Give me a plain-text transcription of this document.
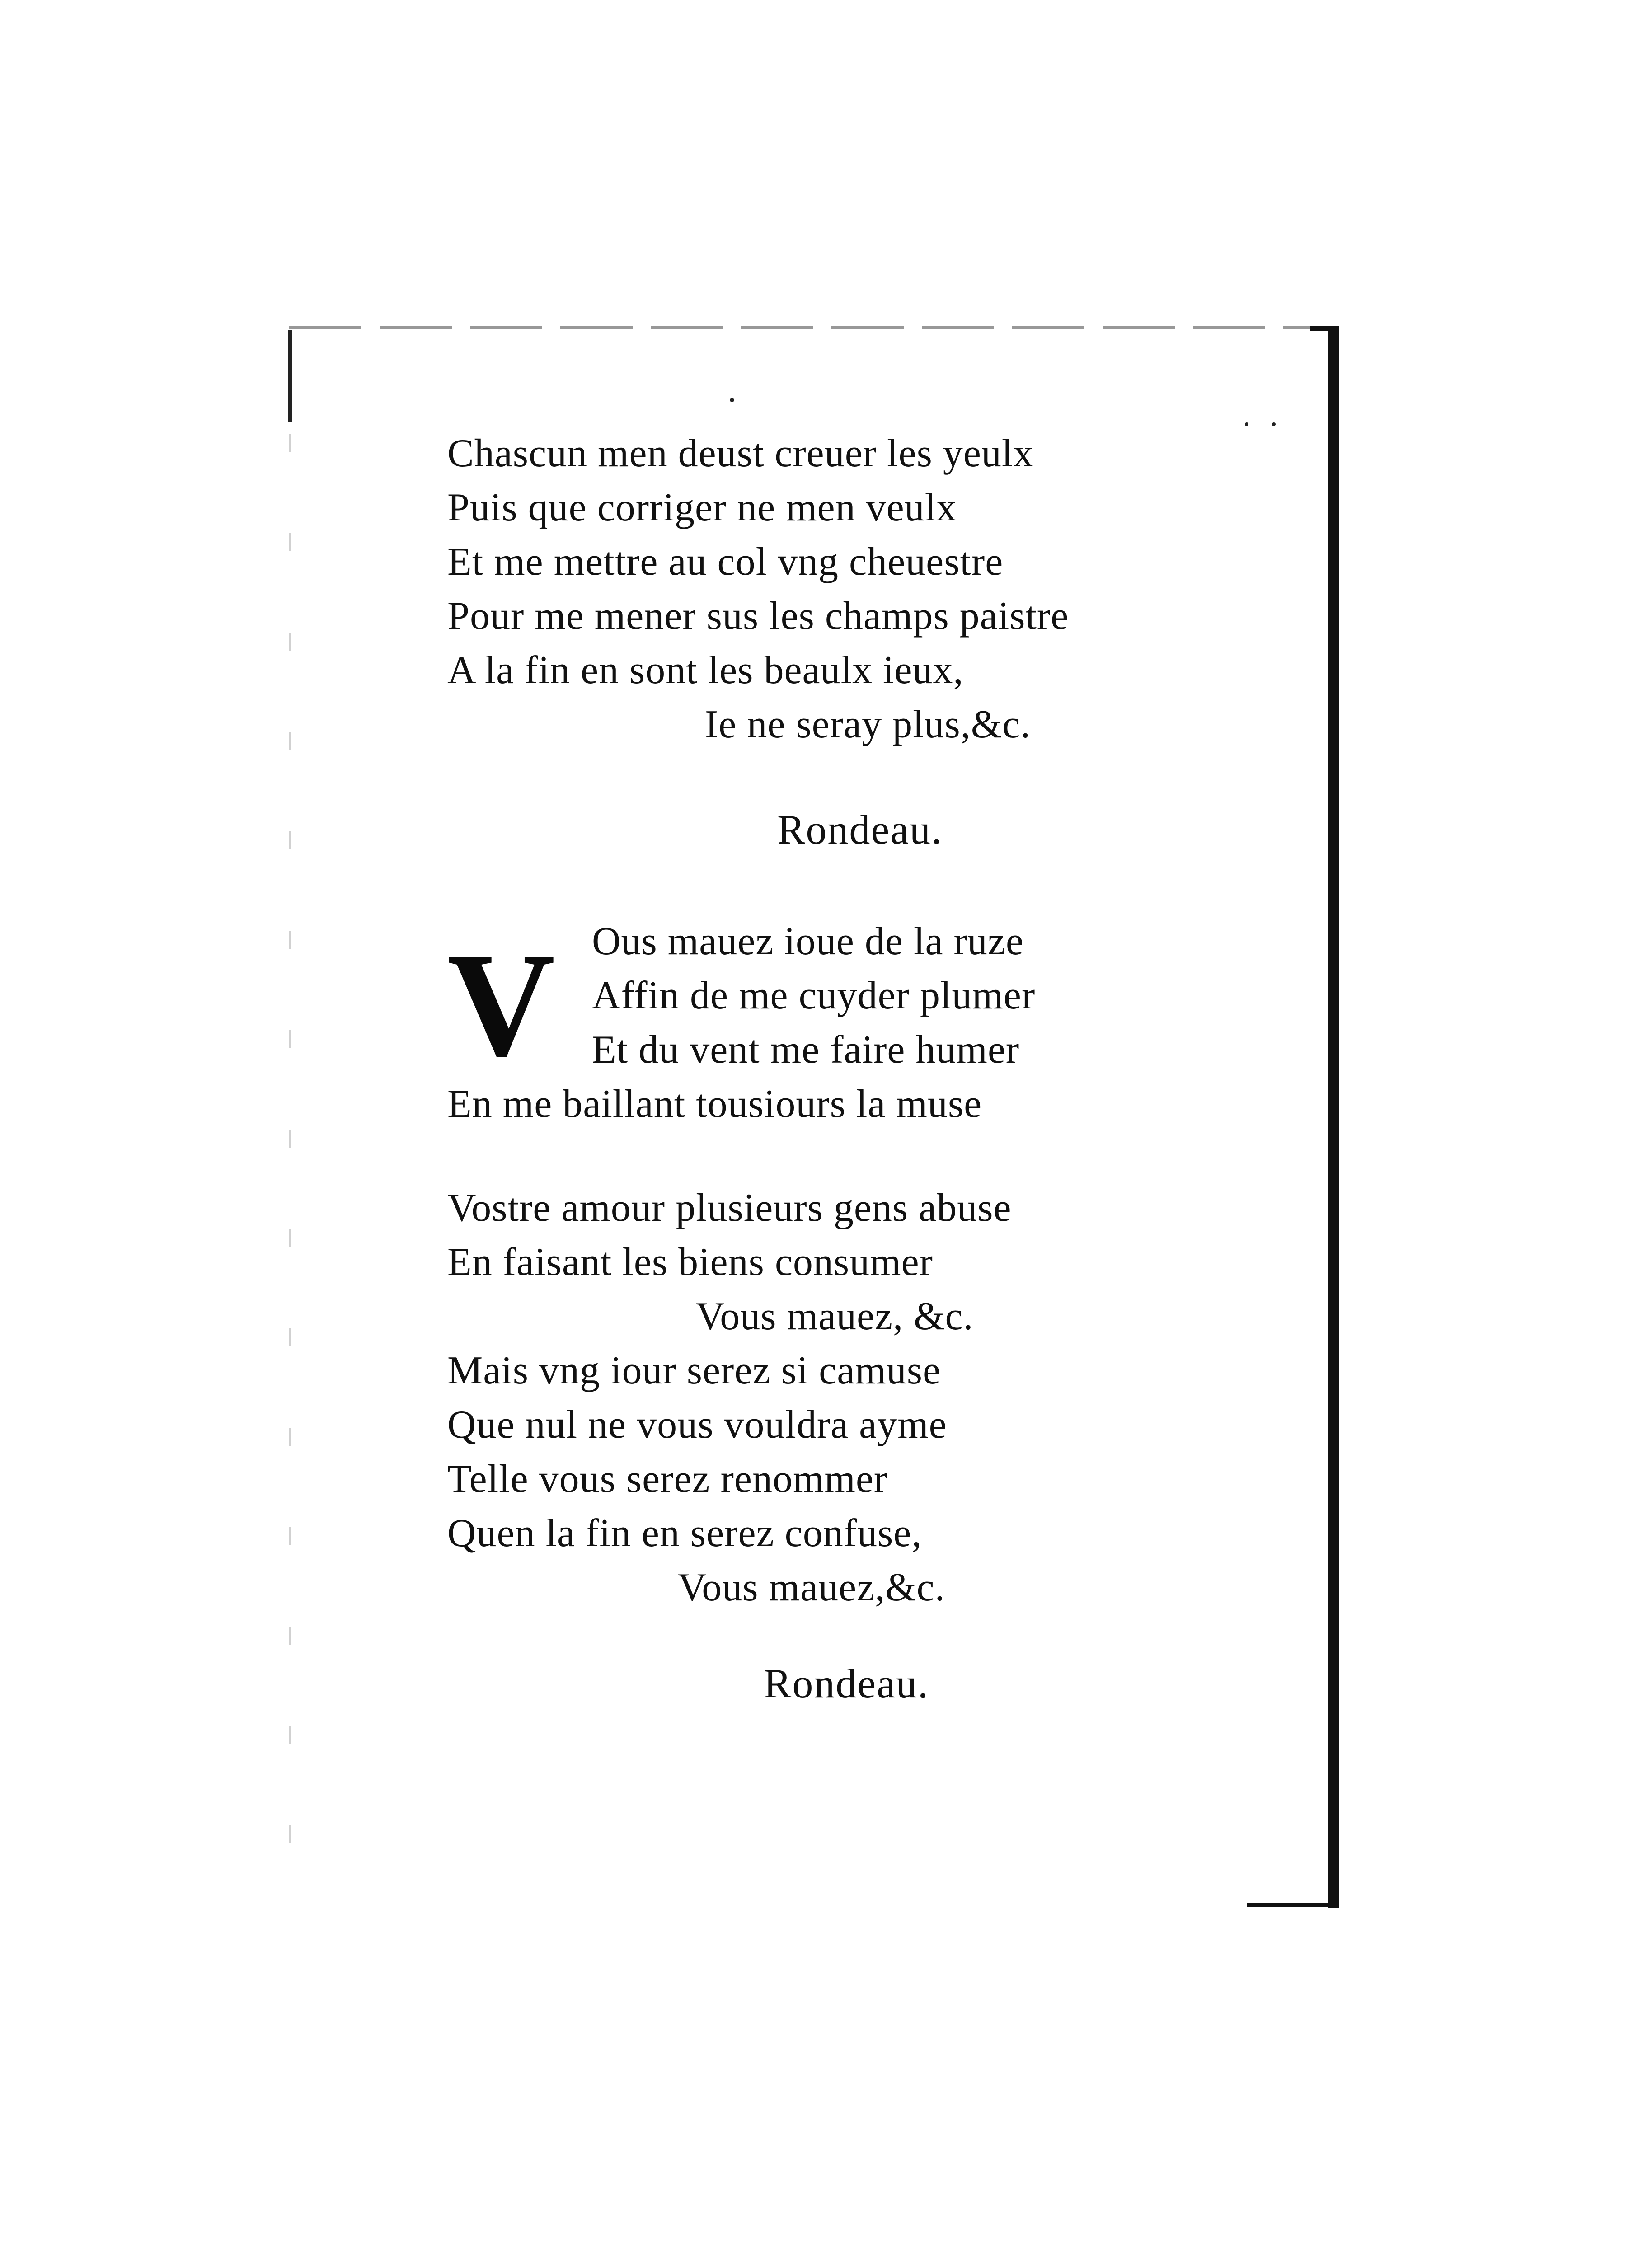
Chascun men deust creuer les yeulx
Puis que corriger ne men veulx
Et me mettre au col vng cheuestre
Pour me mener sus les champs paistre
A la fin en sont les beaulx ieux,
Ie ne seray plus,&c.
Rondeau.
V Ous mauez ioue de la ruze
Affin de me cuyder plumer
Et du vent me faire humer
En me baillant tousiours la muse
Vostre amour plusieurs gens abuse
En faisant les biens consumer
Vous mauez, &c.
Mais vng iour serez si camuse
Que nul ne vous vouldra ayme
Telle vous serez renommer
Quen la fin en serez confuse,
Vous mauez,&c.
Rondeau.
